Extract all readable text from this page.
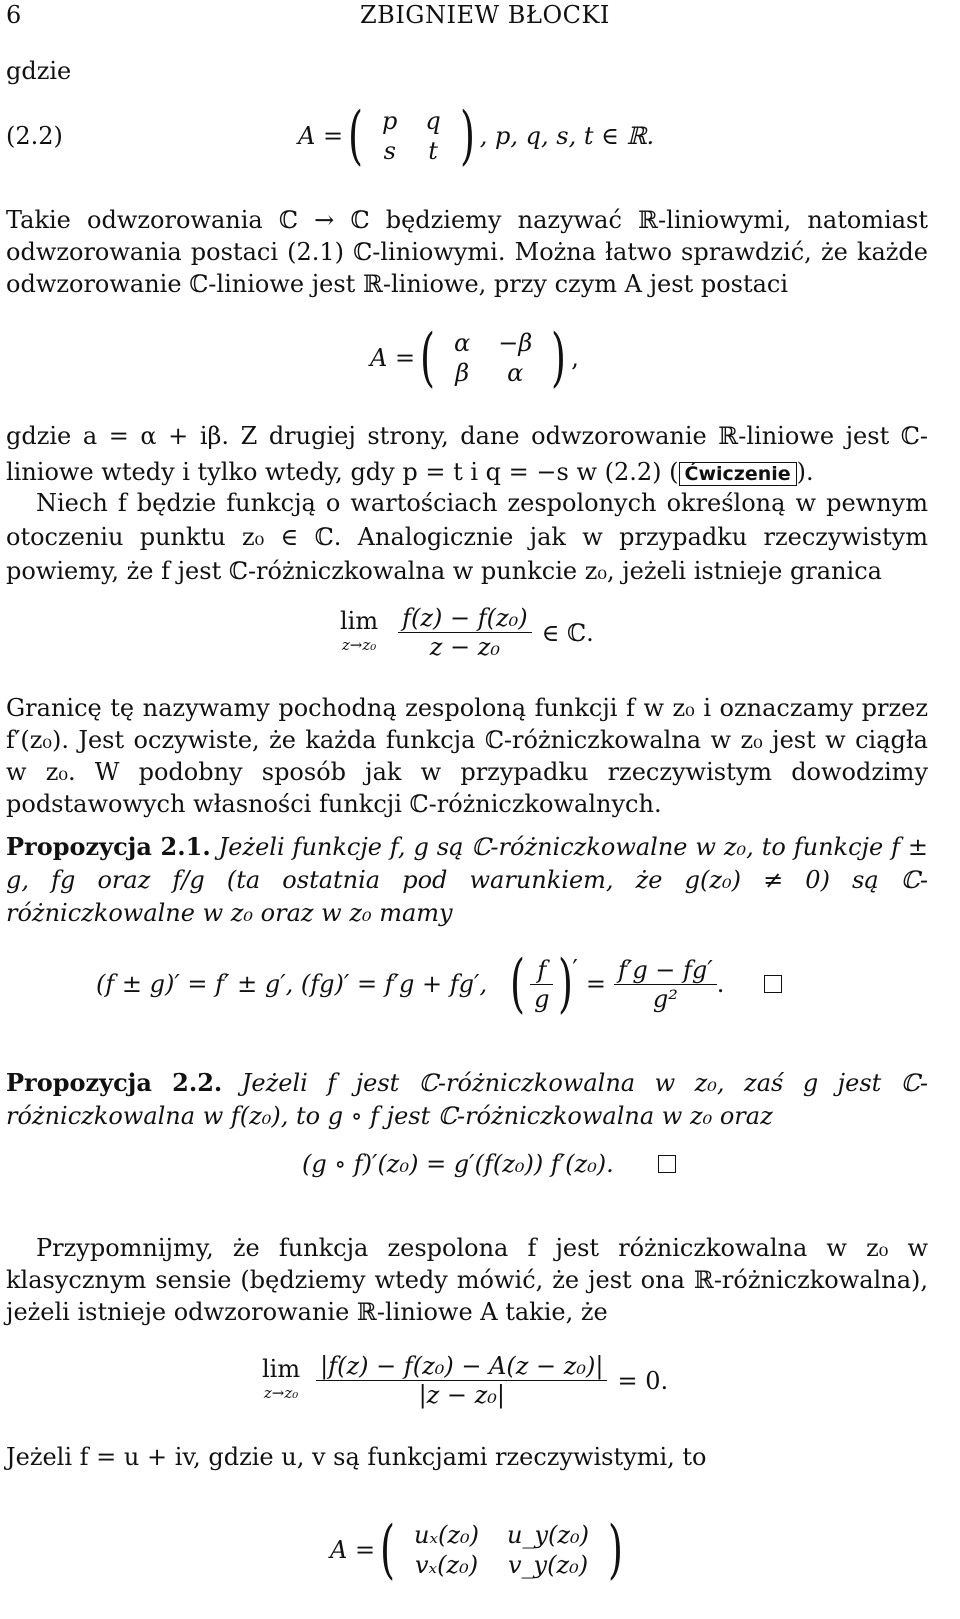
6	ZBIGNIEW BŁOCKI
gdzie
(2.2)	A = ( p	q
s	t ) , p, q, s, t ∈ ℝ.
Takie odwzorowania ℂ → ℂ będziemy nazywać ℝ-liniowymi, natomiast odwzorowania postaci (2.1) ℂ-liniowymi. Można łatwo sprawdzić, że każde odwzorowanie ℂ-liniowe jest ℝ-liniowe, przy czym A jest postaci
A = ( α	−β
β	α ) ,
gdzie a = α + iβ. Z drugiej strony, dane odwzorowanie ℝ-liniowe jest ℂ-liniowe wtedy i tylko wtedy, gdy p = t i q = −s w (2.2) ( Ćwiczenie ).
Niech f będzie funkcją o wartościach zespolonych określoną w pewnym otoczeniu punktu z₀ ∈ ℂ. Analogicznie jak w przypadku rzeczywistym powiemy, że f jest ℂ-różniczkowalna w punkcie z₀, jeżeli istnieje granica
lim
$z\to z_0 \frac{\text{f(z) − f(z₀)}}{\text{z − z₀}}$ ∈ ℂ.
Granicę tę nazywamy pochodną zespoloną funkcji f w z₀ i oznaczamy przez f′(z₀). Jest oczywiste, że każda funkcja ℂ-różniczkowalna w z₀ jest w ciągła w z₀. W podobny sposób jak w przypadku rzeczywistym dowodzimy podstawowych własności funkcji ℂ-różniczkowalnych.
Propozycja 2.1. Jeżeli funkcje f, g są ℂ-różniczkowalne w z₀, to funkcje f ± g, fg oraz f/g (ta ostatnia pod warunkiem, że g(z₀) ≠ 0) są ℂ-różniczkowalne w z₀ oraz w z₀ mamy
(f ± g)′ = f′ ± g′, (fg)′ = f′g + fg′, ( $\frac{f}{g}$ )
′
= $\frac{f'g - fg'}{\text{g²}}$ .
Propozycja 2.2. Jeżeli f jest ℂ-różniczkowalna w z₀, zaś g jest ℂ-różniczkowalna w f(z₀), to g ∘ f jest ℂ-różniczkowalna w z₀ oraz
(g ∘ f)′(z₀) = g′(f(z₀)) f′(z₀).
Przypomnijmy, że funkcja zespolona f jest różniczkowalna w z₀ w klasycznym sensie (będziemy wtedy mówić, że jest ona ℝ-różniczkowalna), jeżeli istnieje odwzorowanie ℝ-liniowe A takie, że
lim
$z\to z_0 \frac{\text{|f(z) − f(z₀) − A(z − z₀)|}}{\text{|z − z₀|}} = 0$.
Jeżeli f = u + iv, gdzie u, v są funkcjami rzeczywistymi, to
A = ( uₓ(z₀)	u_y(z₀)
vₓ(z₀)	v_y(z₀) )
